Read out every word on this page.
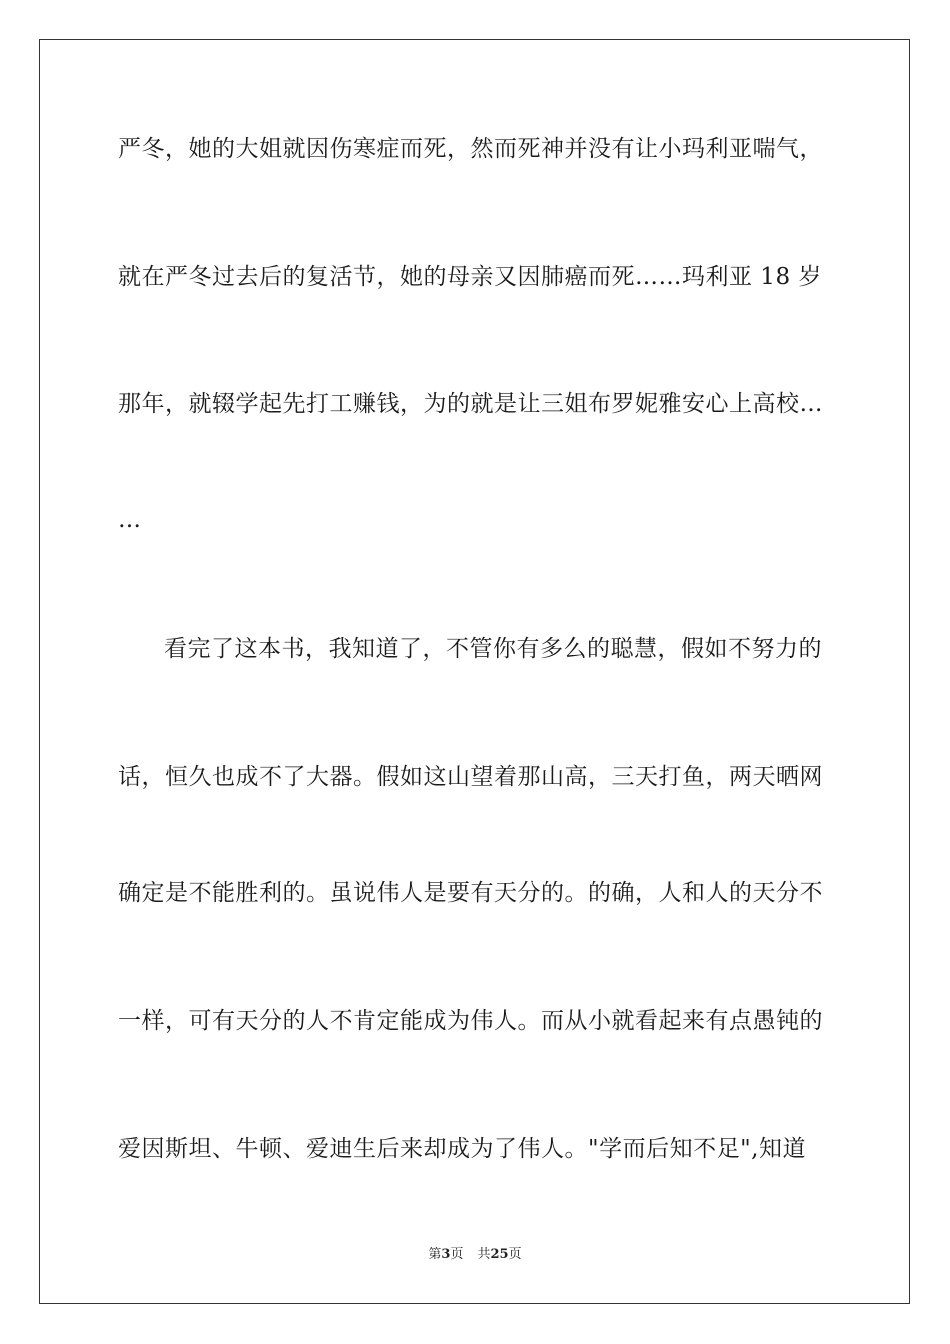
严冬，她的大姐就因伤寒症而死，然而死神并没有让小玛利亚喘气，
就在严冬过去后的复活节，她的母亲又因肺癌而死……玛利亚 18 岁
那年，就辍学起先打工赚钱，为的就是让三姐布罗妮雅安心上高校…
…
看完了这本书，我知道了，不管你有多么的聪慧，假如不努力的
话，恒久也成不了大器。假如这山望着那山高，三天打鱼，两天晒网
确定是不能胜利的。虽说伟人是要有天分的。的确，人和人的天分不
一样，可有天分的人不肯定能成为伟人。而从小就看起来有点愚钝的
爱因斯坦、牛顿、爱迪生后来却成为了伟人。"学而后知不足",知道
第3页 共25页
